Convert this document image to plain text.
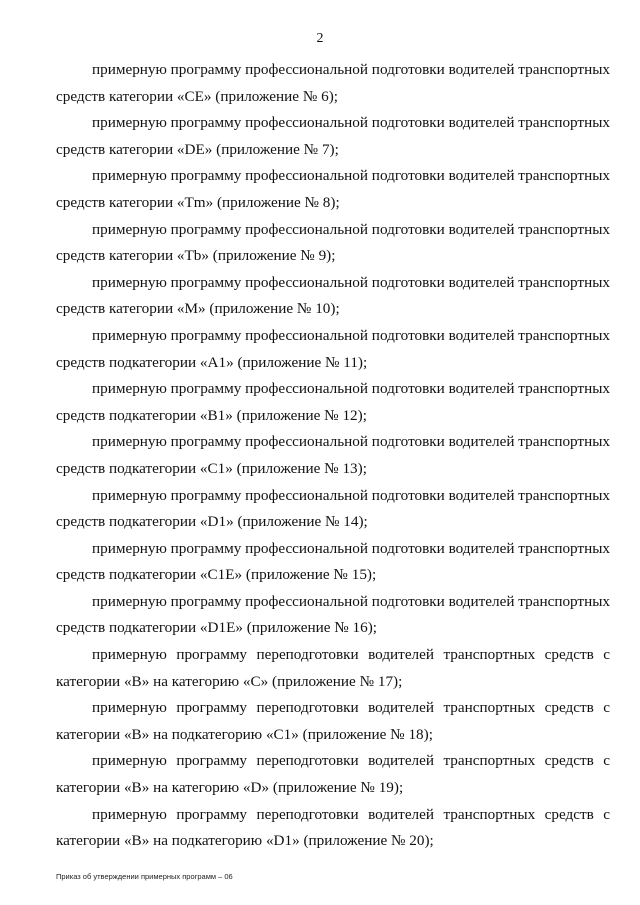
2

примерную программу профессиональной подготовки водителей транспортных средств категории «CE» (приложение № 6);

примерную программу профессиональной подготовки водителей транспортных средств категории «DE» (приложение № 7);

примерную программу профессиональной подготовки водителей транспортных средств категории «Tm» (приложение № 8);

примерную программу профессиональной подготовки водителей транспортных средств категории «Tb» (приложение № 9);

примерную программу профессиональной подготовки водителей транспортных средств категории «M» (приложение № 10);

примерную программу профессиональной подготовки водителей транспортных средств подкатегории «A1» (приложение № 11);

примерную программу профессиональной подготовки водителей транспортных средств подкатегории «B1» (приложение № 12);

примерную программу профессиональной подготовки водителей транспортных средств подкатегории «C1» (приложение № 13);

примерную программу профессиональной подготовки водителей транспортных средств подкатегории «D1» (приложение № 14);

примерную программу профессиональной подготовки водителей транспортных средств подкатегории «C1E» (приложение № 15);

примерную программу профессиональной подготовки водителей транспортных средств подкатегории «D1E» (приложение № 16);

примерную программу переподготовки водителей транспортных средств с категории «B» на категорию «C» (приложение № 17);

примерную программу переподготовки водителей транспортных средств с категории «B» на подкатегорию «C1» (приложение № 18);

примерную программу переподготовки водителей транспортных средств с категории «B» на категорию «D» (приложение № 19);

примерную программу переподготовки водителей транспортных средств с категории «B» на подкатегорию «D1» (приложение № 20);

Приказ об утверждении примерных программ – 06
